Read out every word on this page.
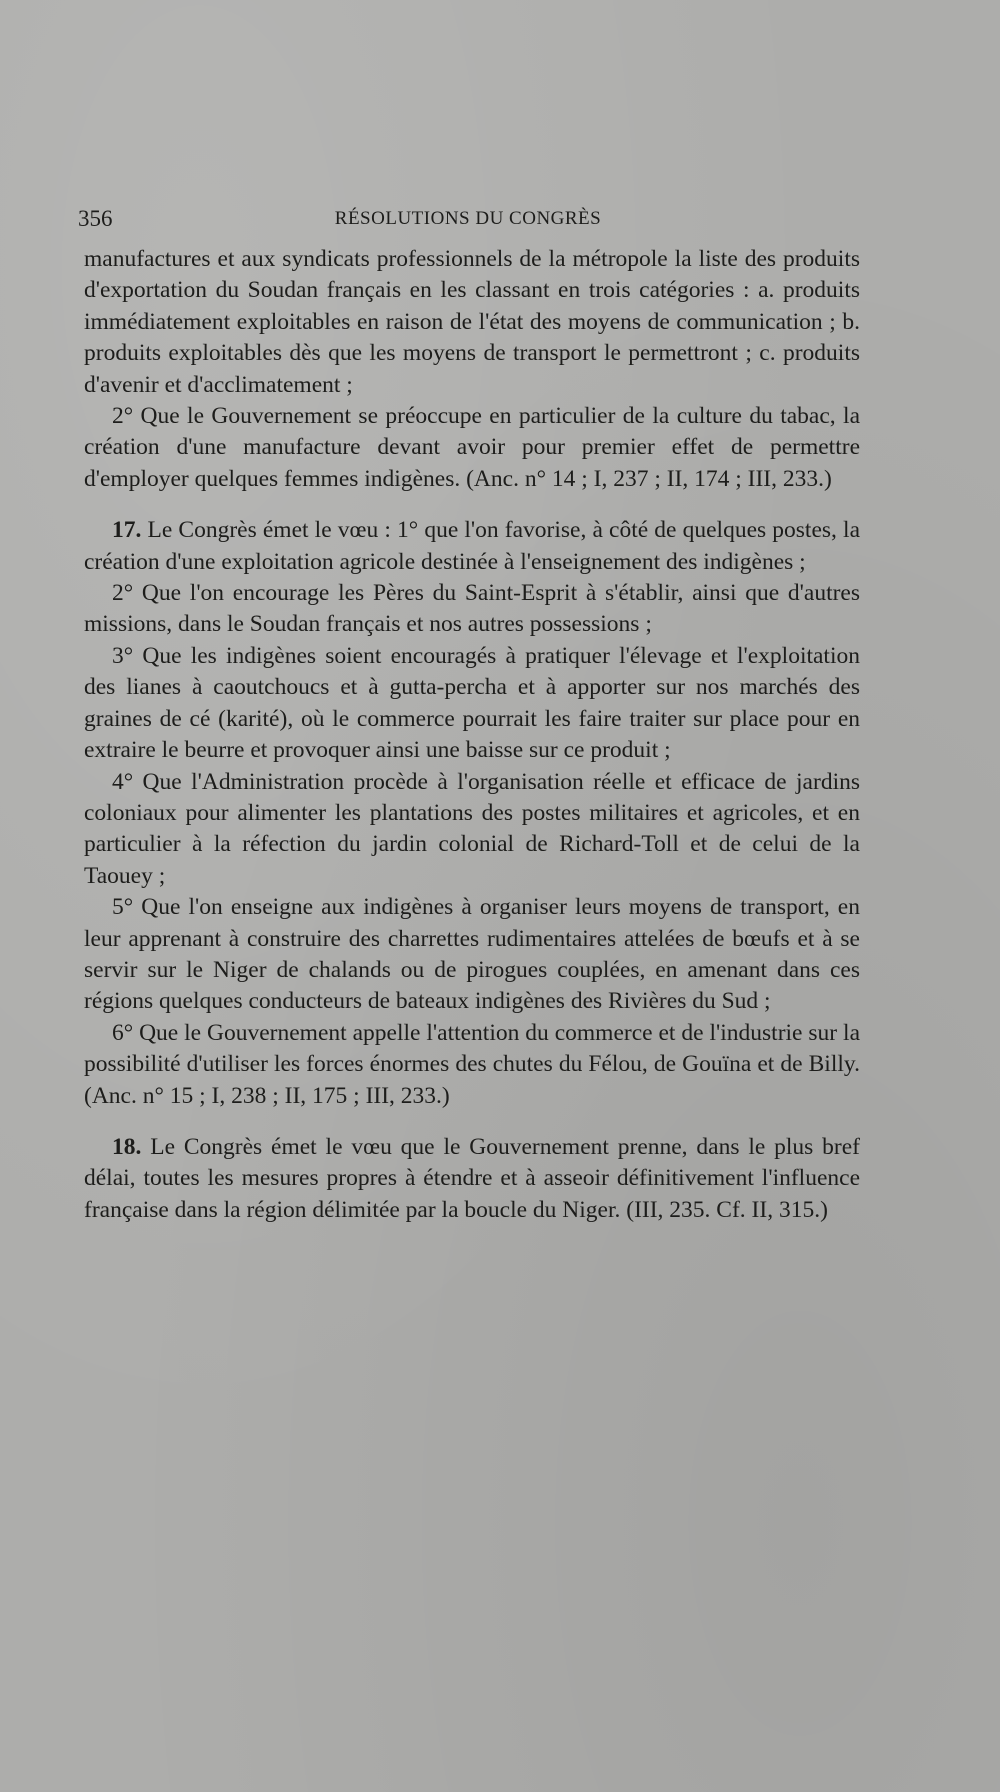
356	RÉSOLUTIONS DU CONGRÈS

manufactures et aux syndicats professionnels de la métropole la liste des produits d'exportation du Soudan français en les classant en trois catégories : a. produits immédiatement exploitables en raison de l'état des moyens de communication ; b. produits exploitables dès que les moyens de transport le permettront ; c. produits d'avenir et d'acclimatement ;

2° Que le Gouvernement se préoccupe en particulier de la culture du tabac, la création d'une manufacture devant avoir pour premier effet de permettre d'employer quelques femmes indigènes. (Anc. n° 14 ; I, 237 ; II, 174 ; III, 233.)

17. Le Congrès émet le vœu : 1° que l'on favorise, à côté de quelques postes, la création d'une exploitation agricole destinée à l'enseignement des indigènes ;

2° Que l'on encourage les Pères du Saint-Esprit à s'établir, ainsi que d'autres missions, dans le Soudan français et nos autres possessions ;

3° Que les indigènes soient encouragés à pratiquer l'élevage et l'exploitation des lianes à caoutchoucs et à gutta-percha et à apporter sur nos marchés des graines de cé (karité), où le commerce pourrait les faire traiter sur place pour en extraire le beurre et provoquer ainsi une baisse sur ce produit ;

4° Que l'Administration procède à l'organisation réelle et efficace de jardins coloniaux pour alimenter les plantations des postes militaires et agricoles, et en particulier à la réfection du jardin colonial de Richard-Toll et de celui de la Taouey ;

5° Que l'on enseigne aux indigènes à organiser leurs moyens de transport, en leur apprenant à construire des charrettes rudimentaires attelées de bœufs et à se servir sur le Niger de chalands ou de pirogues couplées, en amenant dans ces régions quelques conducteurs de bateaux indigènes des Rivières du Sud ;

6° Que le Gouvernement appelle l'attention du commerce et de l'industrie sur la possibilité d'utiliser les forces énormes des chutes du Félou, de Gouïna et de Billy. (Anc. n° 15 ; I, 238 ; II, 175 ; III, 233.)

18. Le Congrès émet le vœu que le Gouvernement prenne, dans le plus bref délai, toutes les mesures propres à étendre et à asseoir définitivement l'influence française dans la région délimitée par la boucle du Niger. (III, 235. Cf. II, 315.)
